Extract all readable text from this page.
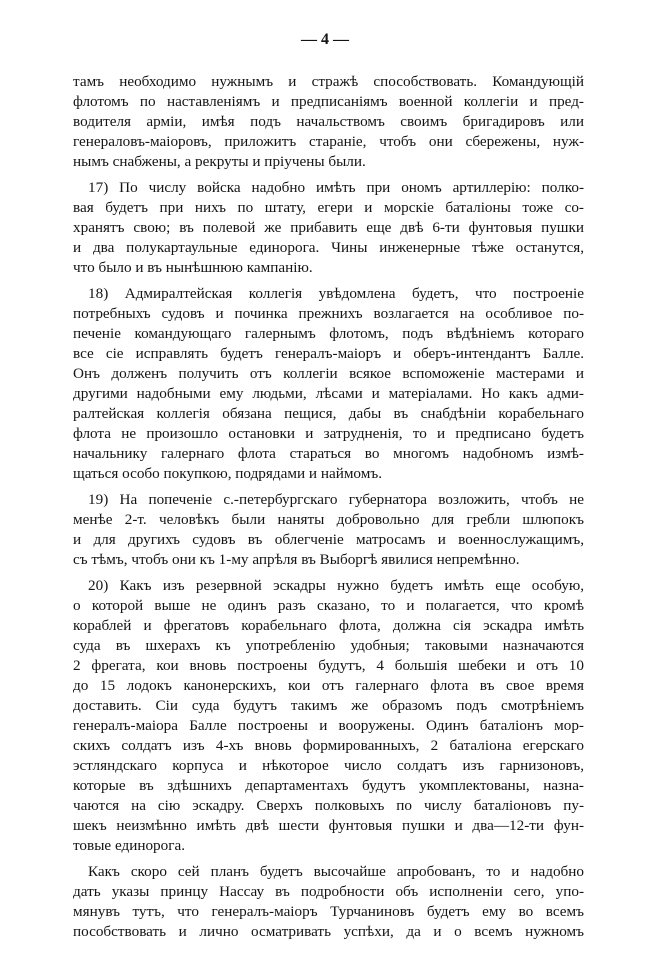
— 4 —
тамъ необходимо нужнымъ и стражѣ способствовать. Командующій
флотомъ по наставленіямъ и предписаніямъ военной коллегіи и пред-
водителя арміи, имѣя подъ начальствомъ своимъ бригадировъ или
генераловъ-маіоровъ, приложитъ стараніе, чтобъ они сбережены, нуж-
нымъ снабжены, а рекруты и пріучены были.
17) По числу войска надобно имѣть при ономъ артиллерію: полко-
вая будетъ при нихъ по штату, егери и морскіе баталіоны тоже со-
хранятъ свою; въ полевой же прибавить еще двѣ 6-ти фунтовыя пушки
и два полукартаульные единорога. Чины инженерные тѣже останутся,
что было и въ нынѣшнюю кампанію.
18) Адмиралтейская коллегія увѣдомлена будетъ, что построеніе
потребныхъ судовъ и починка прежнихъ возлагается на особливое по-
печеніе командующаго галернымъ флотомъ, подъ вѣдѣніемъ котораго
все сіе исправлять будетъ генералъ-маіоръ и оберъ-интендантъ Балле.
Онъ долженъ получить отъ коллегіи всякое вспоможеніе мастерами и
другими надобными ему людьми, лѣсами и матеріалами. Но какъ адми-
ралтейская коллегія обязана пещися, дабы въ снабдѣніи корабельнаго
флота не произошло остановки и затрудненія, то и предписано будетъ
начальнику галернаго флота стараться во многомъ надобномъ измѣ-
щаться особо покупкою, подрядами и наймомъ.
19) На попеченіе с.-петербургскаго губернатора возложить, чтобъ не
менѣе 2-т. человѣкъ были наняты добровольно для гребли шлюпокъ
и для другихъ судовъ въ облегченіе матросамъ и военнослужащимъ,
съ тѣмъ, чтобъ они къ 1-му апрѣля въ Выборгѣ явилися непремѣнно.
20) Какъ изъ резервной эскадры нужно будетъ имѣть еще особую,
о которой выше не одинъ разъ сказано, то и полагается, что кромѣ
кораблей и фрегатовъ корабельнаго флота, должна сія эскадра имѣть
суда въ шхерахъ къ употребленію удобныя; таковыми назначаются
2 фрегата, кои вновь построены будутъ, 4 большія шебеки и отъ 10
до 15 лодокъ канонерскихъ, кои отъ галернаго флота въ свое время
доставить. Сіи суда будутъ такимъ же образомъ подъ смотрѣніемъ
генералъ-маіора Балле построены и вооружены. Одинъ баталіонъ мор-
скихъ солдатъ изъ 4-хъ вновь формированныхъ, 2 баталіона егерскаго
эстляндскаго корпуса и нѣкоторое число солдатъ изъ гарнизоновъ,
которые въ здѣшнихъ департаментахъ будутъ укомплектованы, назна-
чаются на сію эскадру. Сверхъ полковыхъ по числу баталіоновъ пу-
шекъ неизмѣнно имѣть двѣ шести фунтовыя пушки и два—12-ти фун-
товые единорога.
Какъ скоро сей планъ будетъ высочайше апробованъ, то и надобно
дать указы принцу Нассау въ подробности объ исполненіи сего, упо-
мянувъ тутъ, что генералъ-маіоръ Турчаниновъ будетъ ему во всемъ
пособствовать и лично осматривать успѣхи, да и о всемъ нужномъ
